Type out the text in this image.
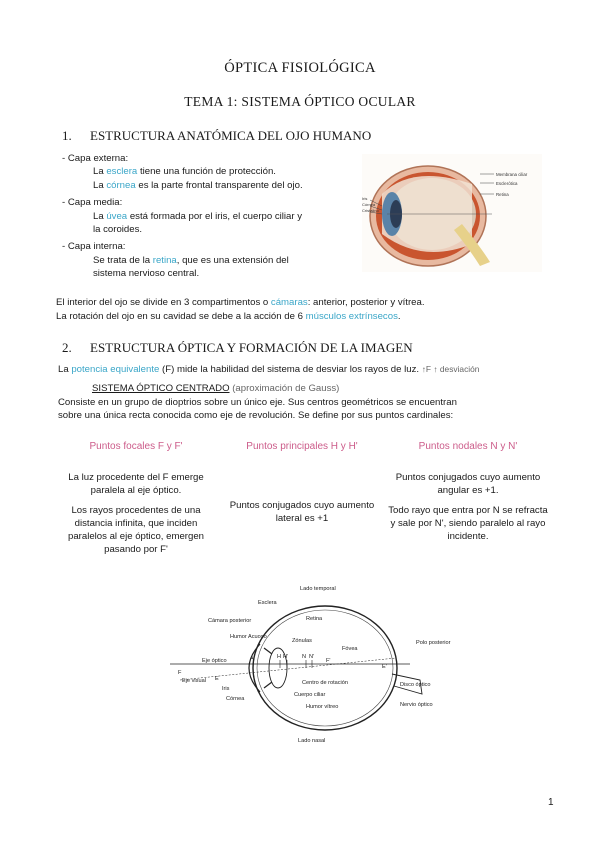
ÓPTICA FISIOLÓGICA
TEMA 1: SISTEMA ÓPTICO OCULAR
1. ESTRUCTURA ANATÓMICA DEL OJO HUMANO
- Capa externa:
La esclera tiene una función de protección.
La córnea es la parte frontal transparente del ojo.
- Capa media:
La úvea está formada por el iris, el cuerpo ciliar y
la coroides.
- Capa interna:
Se trata de la retina, que es una extensión del
sistema nervioso central.
Membrana ciliar
Esclerótica
Retina
Iris
Córnea
Cristalino
El interior del ojo se divide en 3 compartimentos o cámaras: anterior, posterior y vítrea.
La rotación del ojo en su cavidad se debe a la acción de 6 músculos extrínsecos.
2. ESTRUCTURA ÓPTICA Y FORMACIÓN DE LA IMAGEN
La potencia equivalente (F) mide la habilidad del sistema de desviar los rayos de luz. ↑F ↑ desviación
SISTEMA ÓPTICO CENTRADO (aproximación de Gauss)
Consiste en un grupo de dioptrios sobre un único eje. Sus centros geométricos se encuentran
sobre una única recta conocida como eje de revolución. Se define por sus puntos cardinales:
Puntos focales F y F'

La luz procedente del F emerge paralela al eje óptico.

Los rayos procedentes de una distancia infinita, que inciden paralelos al eje óptico, emergen pasando por F'

Puntos principales H y H'

Puntos conjugados cuyo aumento lateral es +1

Puntos nodales N y N'

Puntos conjugados cuyo aumento angular es +1.

Todo rayo que entra por N se refracta y sale por N', siendo paralelo al rayo incidente.

Lado temporal
Esclera
Retina
Cámara posterior
Zónulas
Humor Acuoso
Fóvea
Polo posterior
Eje óptico
Eje visual
Iris
Córnea
Centro de rotación
Cuerpo ciliar
Humor vítreo
Disco óptico
Nervio óptico
Lado nasal
H H' N N'
F
F'
E
E'
A
1
